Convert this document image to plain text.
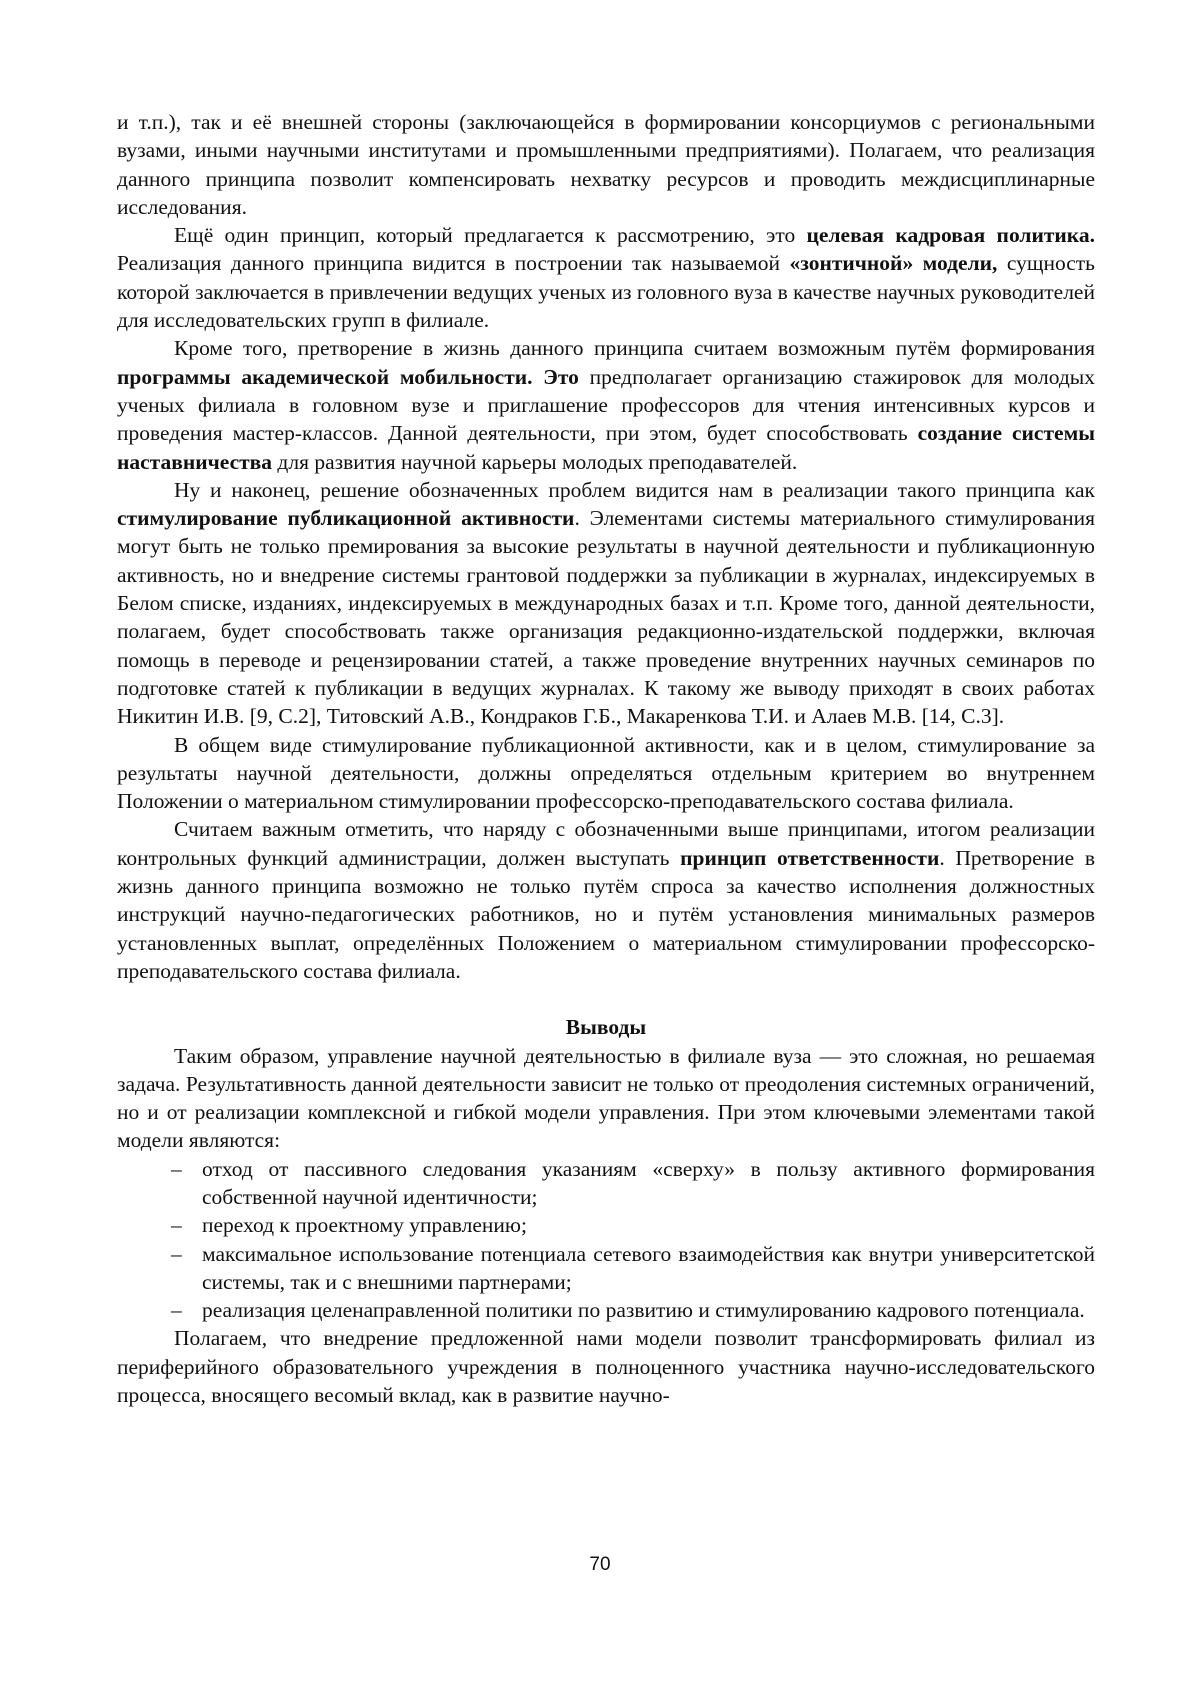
и т.п.), так и её внешней стороны (заключающейся в формировании консорциумов с региональными вузами, иными научными институтами и промышленными предприятиями). Полагаем, что реализация данного принципа позволит компенсировать нехватку ресурсов и проводить междисциплинарные исследования.

Ещё один принцип, который предлагается к рассмотрению, это целевая кадровая политика. Реализация данного принципа видится в построении так называемой «зонтичной» модели, сущность которой заключается в привлечении ведущих ученых из головного вуза в качестве научных руководителей для исследовательских групп в филиале.

Кроме того, претворение в жизнь данного принципа считаем возможным путём формирования программы академической мобильности. Это предполагает организацию стажировок для молодых ученых филиала в головном вузе и приглашение профессоров для чтения интенсивных курсов и проведения мастер-классов. Данной деятельности, при этом, будет способствовать создание системы наставничества для развития научной карьеры молодых преподавателей.

Ну и наконец, решение обозначенных проблем видится нам в реализации такого принципа как стимулирование публикационной активности. Элементами системы материального стимулирования могут быть не только премирования за высокие результаты в научной деятельности и публикационную активность, но и внедрение системы грантовой поддержки за публикации в журналах, индексируемых в Белом списке, изданиях, индексируемых в международных базах и т.п. Кроме того, данной деятельности, полагаем, будет способствовать также организация редакционно-издательской поддержки, включая помощь в переводе и рецензировании статей, а также проведение внутренних научных семинаров по подготовке статей к публикации в ведущих журналах. К такому же выводу приходят в своих работах Никитин И.В. [9, С.2], Титовский А.В., Кондраков Г.Б., Макаренкова Т.И. и Алаев М.В. [14, С.3].

В общем виде стимулирование публикационной активности, как и в целом, стимулирование за результаты научной деятельности, должны определяться отдельным критерием во внутреннем Положении о материальном стимулировании профессорско-преподавательского состава филиала.

Считаем важным отметить, что наряду с обозначенными выше принципами, итогом реализации контрольных функций администрации, должен выступать принцип ответственности. Претворение в жизнь данного принципа возможно не только путём спроса за качество исполнения должностных инструкций научно-педагогических работников, но и путём установления минимальных размеров установленных выплат, определённых Положением о материальном стимулировании профессорско-преподавательского состава филиала.

Выводы

Таким образом, управление научной деятельностью в филиале вуза — это сложная, но решаемая задача. Результативность данной деятельности зависит не только от преодоления системных ограничений, но и от реализации комплексной и гибкой модели управления. При этом ключевыми элементами такой модели являются:

– отход от пассивного следования указаниям «сверху» в пользу активного формирования собственной научной идентичности;
– переход к проектному управлению;
– максимальное использование потенциала сетевого взаимодействия как внутри университетской системы, так и с внешними партнерами;
– реализация целенаправленной политики по развитию и стимулированию кадрового потенциала.

Полагаем, что внедрение предложенной нами модели позволит трансформировать филиал из периферийного образовательного учреждения в полноценного участника научно-исследовательского процесса, вносящего весомый вклад, как в развитие научно-

70
